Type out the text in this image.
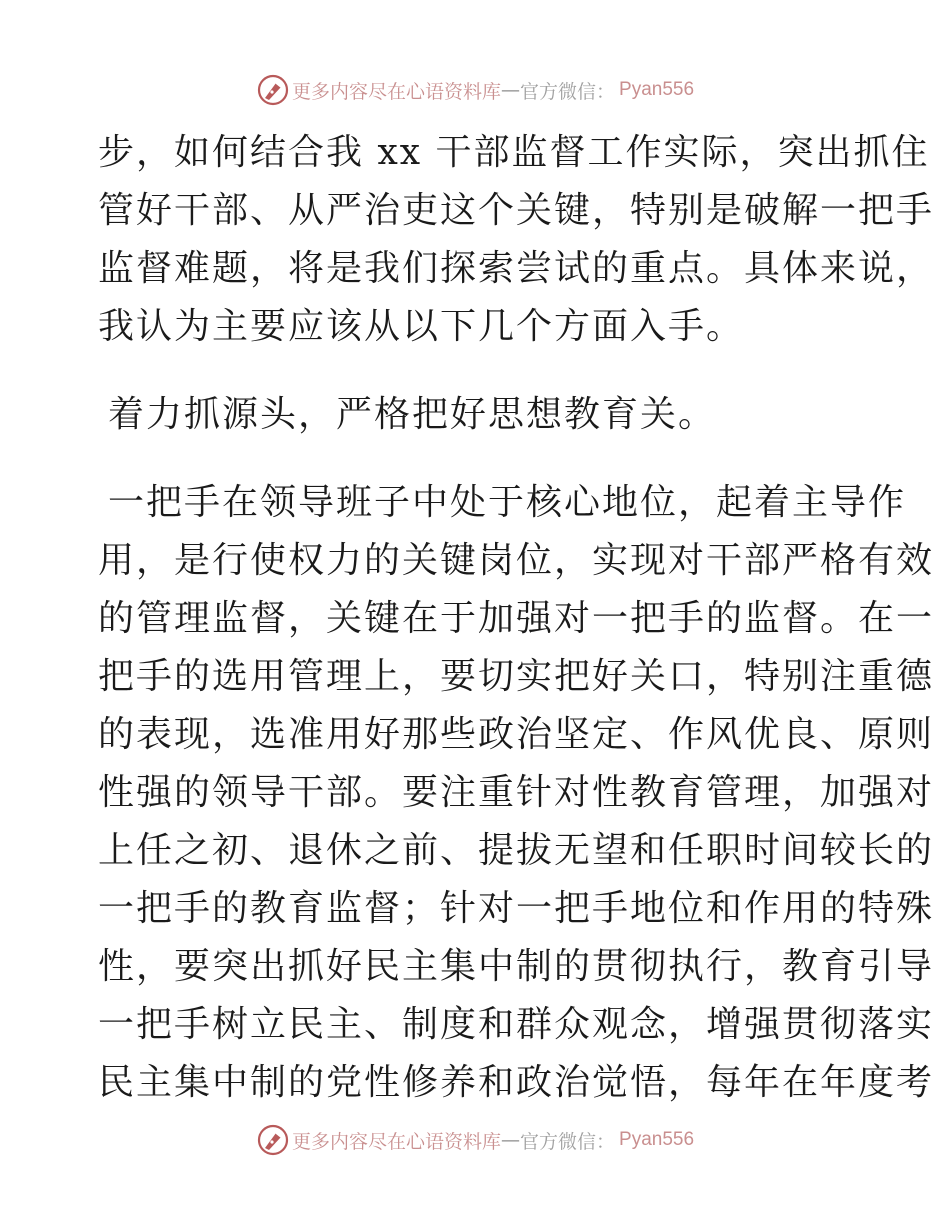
更多内容尽在心语资料库 — 官方微信 ： Pyan556
步，如何结合我 xx 干部监督工作实际，突出抓住
管好干部、从严治吏这个关键，特别是破解一把手
监督难题，将是我们探索尝试的重点。具体来说，
我认为主要应该从以下几个方面入手。
着力抓源头，严格把好思想教育关。
一把手在领导班子中处于核心地位，起着主导作
用，是行使权力的关键岗位，实现对干部严格有效
的管理监督，关键在于加强对一把手的监督。在一
把手的选用管理上，要切实把好关口，特别注重德
的表现，选准用好那些政治坚定、作风优良、原则
性强的领导干部。要注重针对性教育管理，加强对
上任之初、退休之前、提拔无望和任职时间较长的
一把手的教育监督；针对一把手地位和作用的特殊
性，要突出抓好民主集中制的贯彻执行，教育引导
一把手树立民主、制度和群众观念，增强贯彻落实
民主集中制的党性修养和政治觉悟，每年在年度考
更多内容尽在心语资料库 — 官方微信 ： Pyan556
